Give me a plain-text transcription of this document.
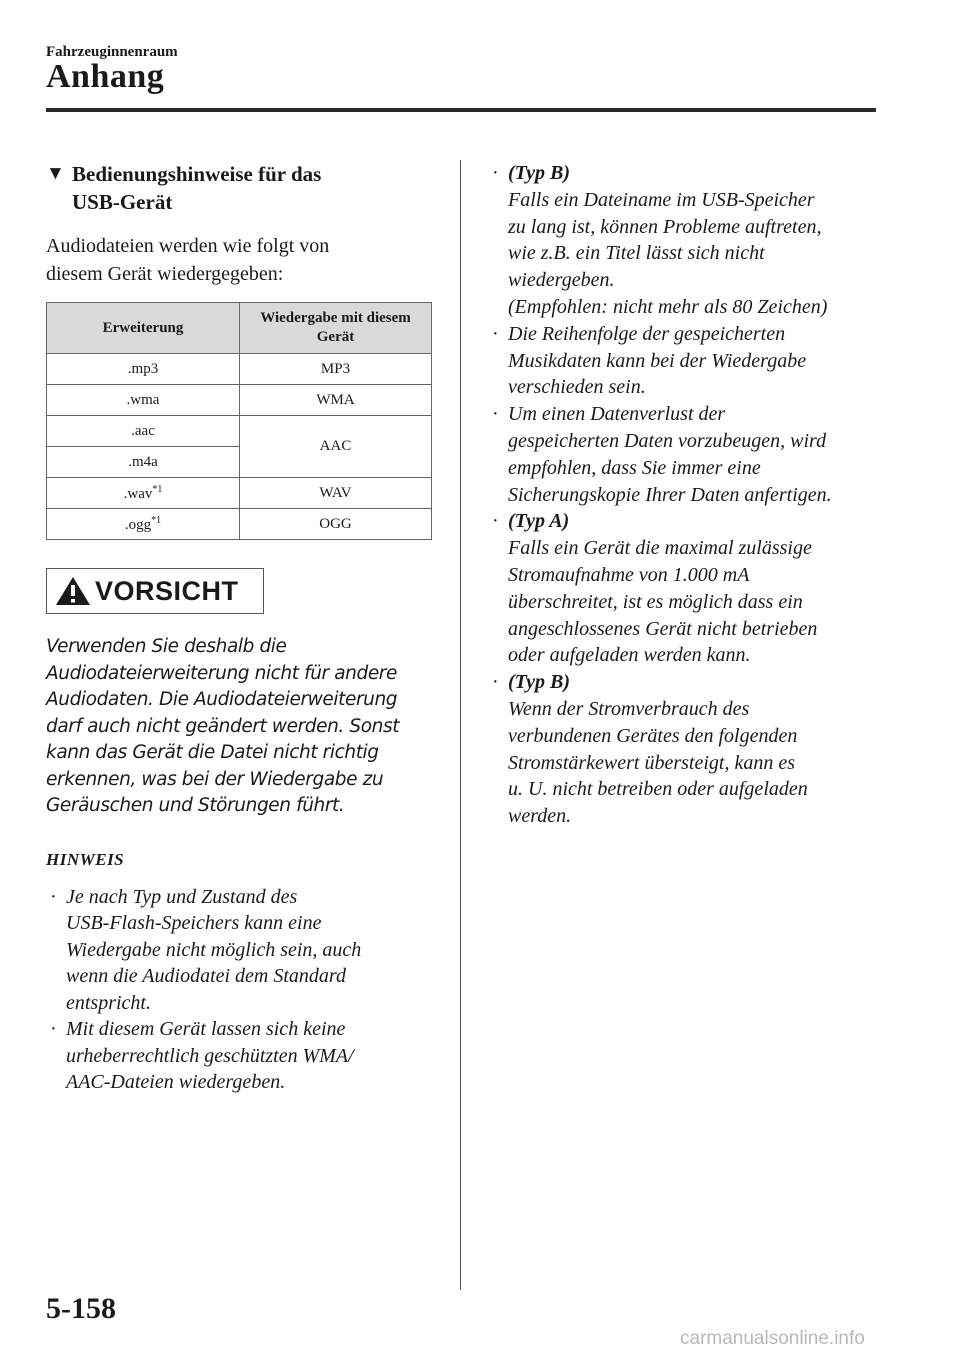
Fahrzeuginnenraum
Anhang
▼ Bedienungshinweise für das
USB-Gerät
Audiodateien werden wie folgt von
diesem Gerät wiedergegeben:
Erweiterung	Wiedergabe mit diesem
Gerät
.mp3	MP3
.wma	WMA
.aac	AAC
.m4a	
.wav$^{*1}$	WAV
.ogg$^{*1}$	OGG
VORSICHT
Verwenden Sie deshalb die
Audiodateierweiterung nicht für andere
Audiodaten. Die Audiodateierweiterung
darf auch nicht geändert werden. Sonst
kann das Gerät die Datei nicht richtig
erkennen, was bei der Wiedergabe zu
Geräuschen und Störungen führt.
HINWEIS
· Je nach Typ und Zustand des
USB-Flash-Speichers kann eine
Wiedergabe nicht möglich sein, auch
wenn die Audiodatei dem Standard
entspricht.
· Mit diesem Gerät lassen sich keine
urheberrechtlich geschützten WMA/
AAC-Dateien wiedergeben.
· (Typ B)
Falls ein Dateiname im USB-Speicher
zu lang ist, können Probleme auftreten,
wie z.B. ein Titel lässt sich nicht
wiedergeben.
(Empfohlen: nicht mehr als 80 Zeichen)
· Die Reihenfolge der gespeicherten
Musikdaten kann bei der Wiedergabe
verschieden sein.
· Um einen Datenverlust der
gespeicherten Daten vorzubeugen, wird
empfohlen, dass Sie immer eine
Sicherungskopie Ihrer Daten anfertigen.
· (Typ A)
Falls ein Gerät die maximal zulässige
Stromaufnahme von 1.000 mA
überschreitet, ist es möglich dass ein
angeschlossenes Gerät nicht betrieben
oder aufgeladen werden kann.
· (Typ B)
Wenn der Stromverbrauch des
verbundenen Gerätes den folgenden
Stromstärkewert übersteigt, kann es
u. U. nicht betreiben oder aufgeladen
werden.
5-158
carmanualsonline.info
